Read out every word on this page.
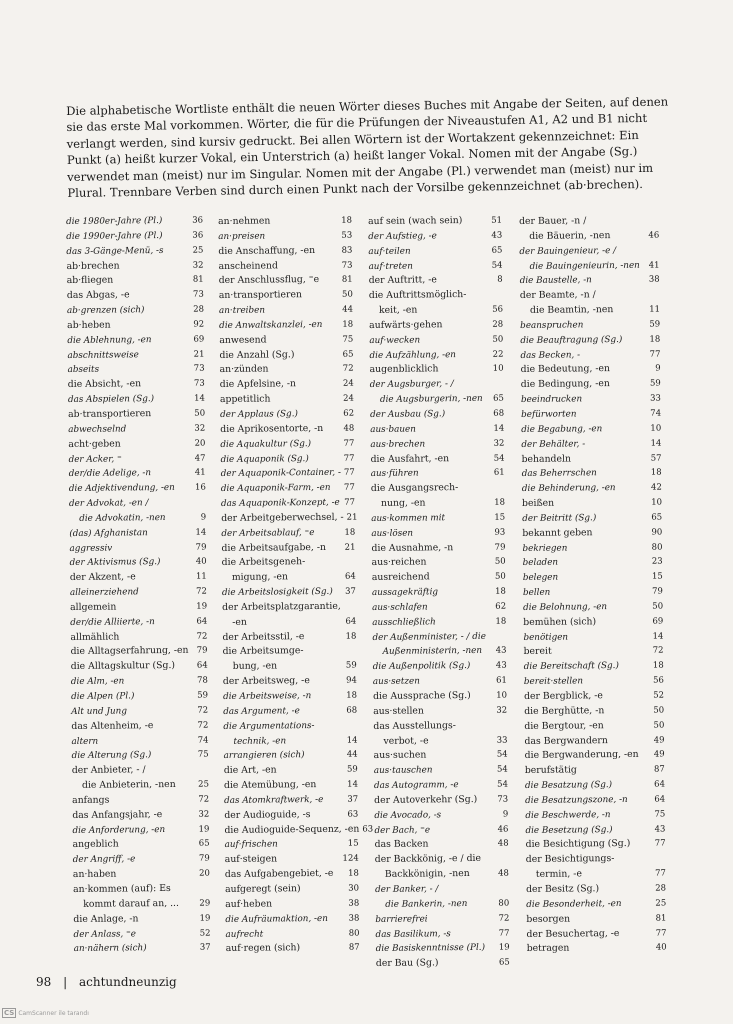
Die alphabetische Wortliste enthält die neuen Wörter dieses Buches mit Angabe der Seiten, auf denen sie das erste Mal vorkommen. Wörter, die für die Prüfungen der Niveaustufen A1, A2 und B1 nicht verlangt werden, sind kursiv gedruckt. Bei allen Wörtern ist der Wortakzent gekennzeichnet: Ein Punkt (a) heißt kurzer Vokal, ein Unterstrich (a) heißt langer Vokal. Nomen mit der Angabe (Sg.) verwendet man (meist) nur im Singular. Nomen mit der Angabe (Pl.) verwendet man (meist) nur im Plural. Trennbare Verben sind durch einen Punkt nach der Vorsilbe gekennzeichnet (ab·brechen).

die 1980er-Jahre (Pl.)	36
die 1990er-Jahre (Pl.)	36
das 3-Gänge-Menü, -s	25
ab·brechen	32
ab·fliegen	81
das Abgas, -e	73
ab·grenzen (sich)	28
ab·heben	92
die Ablehnung, -en	69
abschnittsweise	21
abseits	73
die Absicht, -en	73
das Abspielen (Sg.)	14
ab·transportieren	50
abwechselnd	32
acht·geben	20
der Acker, ⁼	47
der/die Adelige, -n	41
die Adjektivendung, -en	16
der Advokat, -en /
die Advokatin, -nen	9
(das) Afghanistan	14
aggressiv	79
der Aktivismus (Sg.)	40
der Akzent, -e	11
alleinerziehend	72
allgemein	19
der/die Alliierte, -n	64
allmählich	72
die Alltagserfahrung, -en 79
die Alltagskultur (Sg.)	64
die Alm, -en	78
die Alpen (Pl.)	59
Alt und Jung	72
das Altenheim, -e	72
altern	74
die Alterung (Sg.)	75
der Anbieter, - /
die Anbieterin, -nen	25
anfangs	72
das Anfangsjahr, -e	32
die Anforderung, -en	19
angeblich	65
der Angriff, -e	79
an·haben	20
an·kommen (auf): Es
kommt darauf an, ...	29
die Anlage, -n	19
der Anlass, ⁼e	52
an·nähern (sich)	37
an·nehmen	18
an·preisen	53
die Anschaffung, -en	83
anscheinend	73
der Anschlussflug, ⁼e	81
an·transportieren	50
an·treiben	44
die Anwaltskanzlei, -en	18
anwesend	75
die Anzahl (Sg.)	65
an·zünden	72
die Apfelsine, -n	24
appetitlich	24
der Applaus (Sg.)	62
die Aprikosentorte, -n	48
die Aquakultur (Sg.)	77
die Aquaponik (Sg.)	77
der Aquaponik-Container, - 77
die Aquaponik-Farm, -en	77
das Aquaponik-Konzept, -e 77
der Arbeitgeberwechsel, - 21
der Arbeitsablauf, ⁼e	18
die Arbeitsaufgabe, -n	21
die Arbeitsgeneh-
migung, -en	64
die Arbeitslosigkeit (Sg.)	37
der Arbeitsplatzgarantie,
-en	64
der Arbeitsstil, -e	18
die Arbeitsumge-
bung, -en	59
der Arbeitsweg, -e	94
die Arbeitsweise, -n	18
das Argument, -e	68
die Argumentations-
technik, -en	14
arrangieren (sich)	44
die Art, -en	59
die Atemübung, -en	14
das Atomkraftwerk, -e	37
der Audioguide, -s	63
die Audioguide-Sequenz, -en 63
auf·frischen	15
auf·steigen	124
das Aufgabengebiet, -e	18
aufgeregt (sein)	30
auf·heben	38
die Aufräumaktion, -en	38
aufrecht	80
auf·regen (sich)	87
auf sein (wach sein)	51
der Aufstieg, -e	43
auf·teilen	65
auf·treten	54
der Auftritt, -e	8
die Auftrittsmöglich-
keit, -en	56
aufwärts·gehen	28
auf·wecken	50
die Aufzählung, -en	22
augenblicklich	10
der Augsburger, - /
die Augsburgerin, -nen	65
der Ausbau (Sg.)	68
aus·bauen	14
aus·brechen	32
die Ausfahrt, -en	54
aus·führen	61
die Ausgangsrech-
nung, -en	18
aus·kommen mit	15
aus·lösen	93
die Ausnahme, -n	79
aus·reichen	50
ausreichend	50
aussagekräftig	18
aus·schlafen	62
ausschließlich	18
der Außenminister, - / die
Außenministerin, -nen	43
die Außenpolitik (Sg.)	43
aus·setzen	61
die Aussprache (Sg.)	10
aus·stellen	32
das Ausstellungs-
verbot, -e	33
aus·suchen	54
aus·tauschen	54
das Autogramm, -e	54
der Autoverkehr (Sg.)	73
die Avocado, -s	9
der Bach, ⁼e	46
das Backen	48
der Backkönig, -e / die
Backkönigin, -nen	48
der Banker, - /
die Bankerin, -nen	80
barrierefrei	72
das Basilikum, -s	77
die Basiskenntnisse (Pl.)	19
der Bau (Sg.)	65
der Bauer, -n /
die Bäuerin, -nen	46
der Bauingenieur, -e /
die Bauingenieurin, -nen	41
die Baustelle, -n	38
der Beamte, -n /
die Beamtin, -nen	11
beanspruchen	59
die Beauftragung (Sg.)	18
das Becken, -	77
die Bedeutung, -en	9
die Bedingung, -en	59
beeindrucken	33
befürworten	74
die Begabung, -en	10
der Behälter, -	14
behandeln	57
das Beherrschen	18
die Behinderung, -en	42
beißen	10
der Beitritt (Sg.)	65
bekannt geben	90
bekriegen	80
beladen	23
belegen	15
bellen	79
die Belohnung, -en	50
bemühen (sich)	69
benötigen	14
bereit	72
die Bereitschaft (Sg.)	18
bereit·stellen	56
der Bergblick, -e	52
die Berghütte, -n	50
die Bergtour, -en	50
das Bergwandern	49
die Bergwanderung, -en	49
berufstätig	87
die Besatzung (Sg.)	64
die Besatzungszone, -n	64
die Beschwerde, -n	75
die Besetzung (Sg.)	43
die Besichtigung (Sg.)	77
der Besichtigungs-
termin, -e	77
der Besitz (Sg.)	28
die Besonderheit, -en	25
besorgen	81
der Besuchertag, -e	77
betragen	40
98 | achtundneunzig
CS CamScanner ile tarandı
